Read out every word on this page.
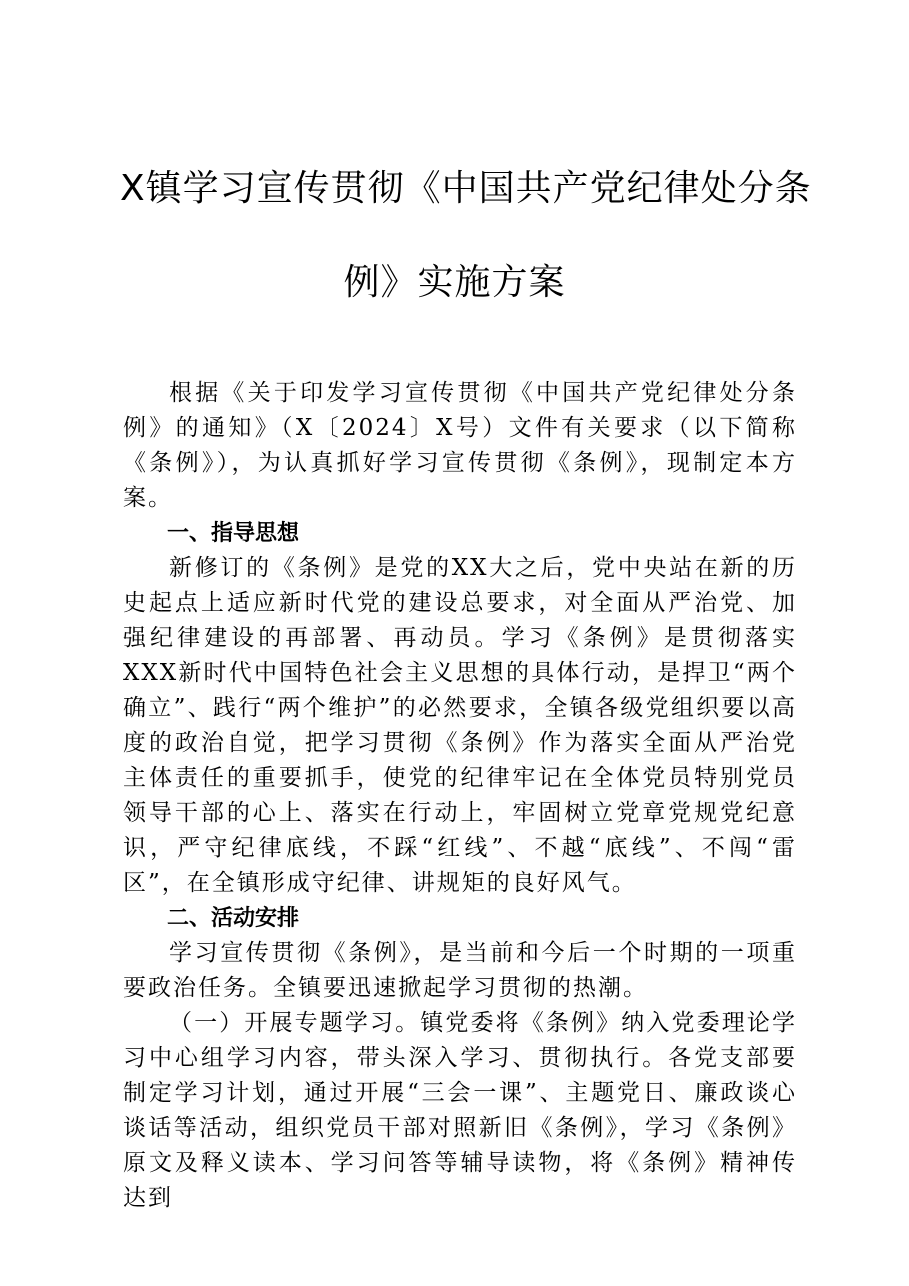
X镇学习宣传贯彻《中国共产党纪律处分条
例》实施方案

根据《关于印发学习宣传贯彻《中国共产党纪律处分条例》的通知》（X〔2024〕X号）文件有关要求（以下简称《条例》），为认真抓好学习宣传贯彻《条例》，现制定本方案。

一、指导思想

新修订的《条例》是党的XX大之后，党中央站在新的历史起点上适应新时代党的建设总要求，对全面从严治党、加强纪律建设的再部署、再动员。学习《条例》是贯彻落实XXX新时代中国特色社会主义思想的具体行动，是捍卫“两个确立”、践行“两个维护”的必然要求，全镇各级党组织要以高度的政治自觉，把学习贯彻《条例》作为落实全面从严治党主体责任的重要抓手，使党的纪律牢记在全体党员特别党员领导干部的心上、落实在行动上，牢固树立党章党规党纪意识，严守纪律底线，不踩“红线”、不越“底线”、不闯“雷区”，在全镇形成守纪律、讲规矩的良好风气。

二、活动安排

学习宣传贯彻《条例》，是当前和今后一个时期的一项重要政治任务。全镇要迅速掀起学习贯彻的热潮。

（一）开展专题学习。镇党委将《条例》纳入党委理论学习中心组学习内容，带头深入学习、贯彻执行。各党支部要制定学习计划，通过开展“三会一课”、主题党日、廉政谈心谈话等活动，组织党员干部对照新旧《条例》，学习《条例》原文及释义读本、学习问答等辅导读物，将《条例》精神传达到
